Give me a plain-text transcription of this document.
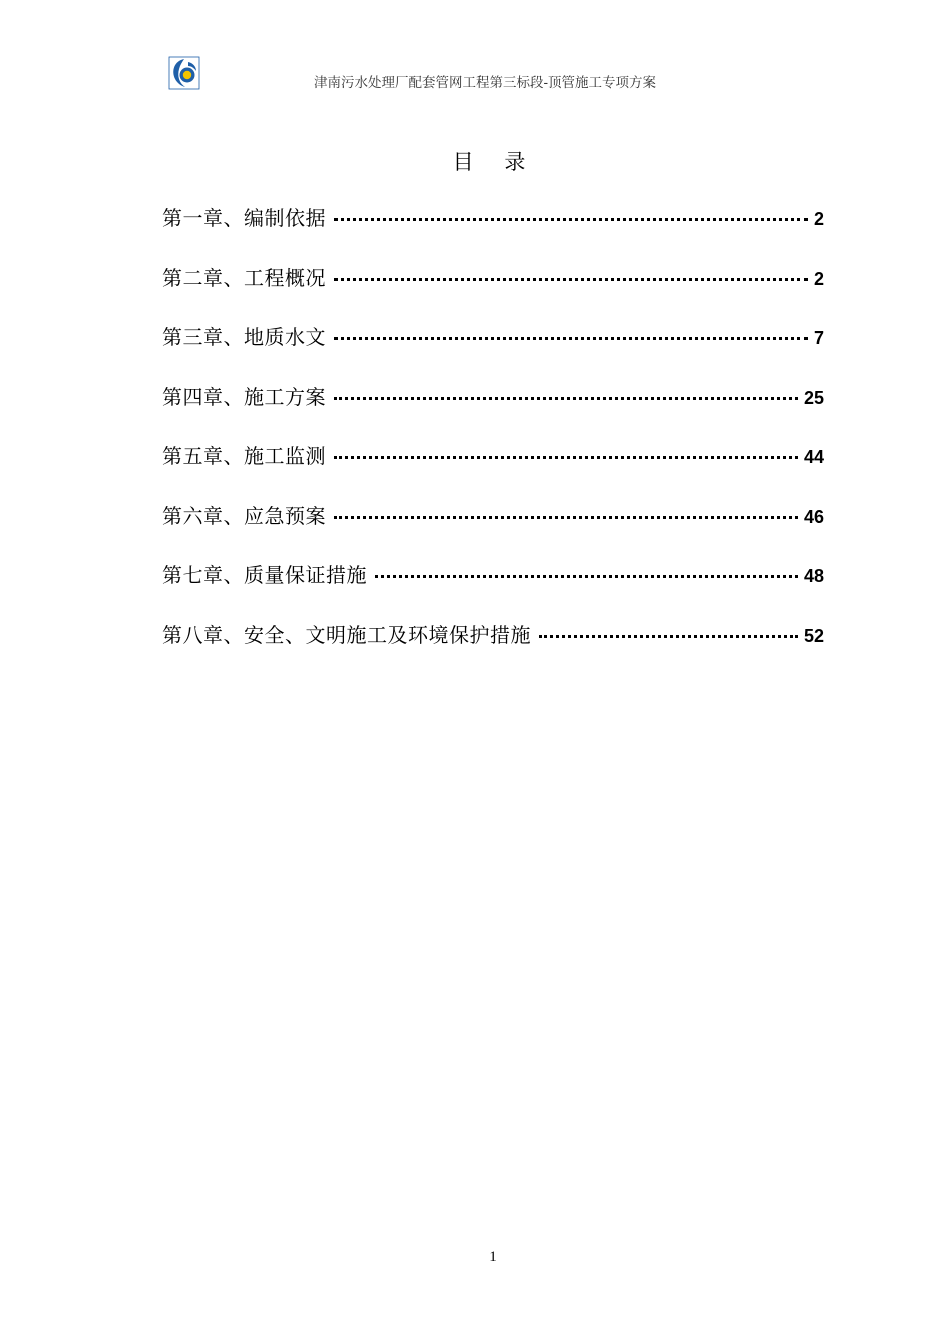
津南污水处理厂配套管网工程第三标段-顶管施工专项方案
目 录
第一章、编制依据	2
第二章、工程概况	2
第三章、地质水文	7
第四章、施工方案	25
第五章、施工监测	44
第六章、应急预案	46
第七章、质量保证措施	48
第八章、安全、文明施工及环境保护措施	52
1
